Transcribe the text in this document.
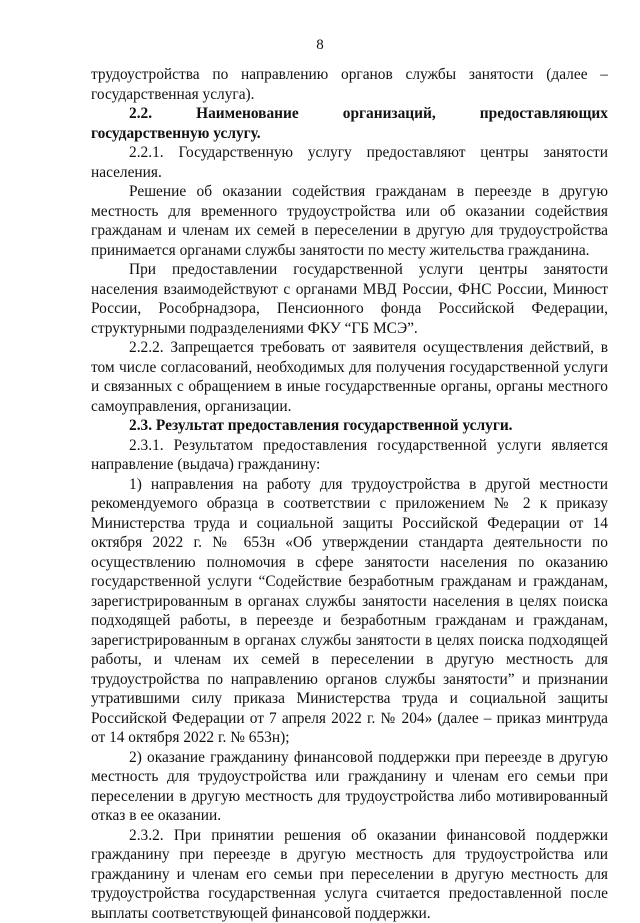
8

трудоустройства по направлению органов службы занятости (далее – государственная услуга).

2.2. Наименование организаций, предоставляющих государственную услугу.

2.2.1. Государственную услугу предоставляют центры занятости населения.

Решение об оказании содействия гражданам в переезде в другую местность для временного трудоустройства или об оказании содействия гражданам и членам их семей в переселении в другую для трудоустройства принимается органами службы занятости по месту жительства гражданина.

При предоставлении государственной услуги центры занятости населения взаимодействуют с органами МВД России, ФНС России, Минюст России, Рособрнадзора, Пенсионного фонда Российской Федерации, структурными подразделениями ФКУ “ГБ МСЭ”.

2.2.2. Запрещается требовать от заявителя осуществления действий, в том числе согласований, необходимых для получения государственной услуги и связанных с обращением в иные государственные органы, органы местного самоуправления, организации.

2.3. Результат предоставления государственной услуги.

2.3.1. Результатом предоставления государственной услуги является направление (выдача) гражданину:

1) направления на работу для трудоустройства в другой местности рекомендуемого образца в соответствии с приложением № 2 к приказу Министерства труда и социальной защиты Российской Федерации от 14 октября 2022 г. № 653н «Об утверждении стандарта деятельности по осуществлению полномочия в сфере занятости населения по оказанию государственной услуги “Содействие безработным гражданам и гражданам, зарегистрированным в органах службы занятости населения в целях поиска подходящей работы, в переезде и безработным гражданам и гражданам, зарегистрированным в органах службы занятости в целях поиска подходящей работы, и членам их семей в переселении в другую местность для трудоустройства по направлению органов службы занятости” и признании утратившими силу приказа Министерства труда и социальной защиты Российской Федерации от 7 апреля 2022 г. № 204» (далее – приказ минтруда от 14 октября 2022 г. № 653н);

2) оказание гражданину финансовой поддержки при переезде в другую местность для трудоустройства или гражданину и членам его семьи при переселении в другую местность для трудоустройства либо мотивированный отказ в ее оказании.

2.3.2. При принятии решения об оказании финансовой поддержки гражданину при переезде в другую местность для трудоустройства или гражданину и членам его семьи при переселении в другую местность для трудоустройства государственная услуга считается предоставленной после выплаты соответствующей финансовой поддержки.
